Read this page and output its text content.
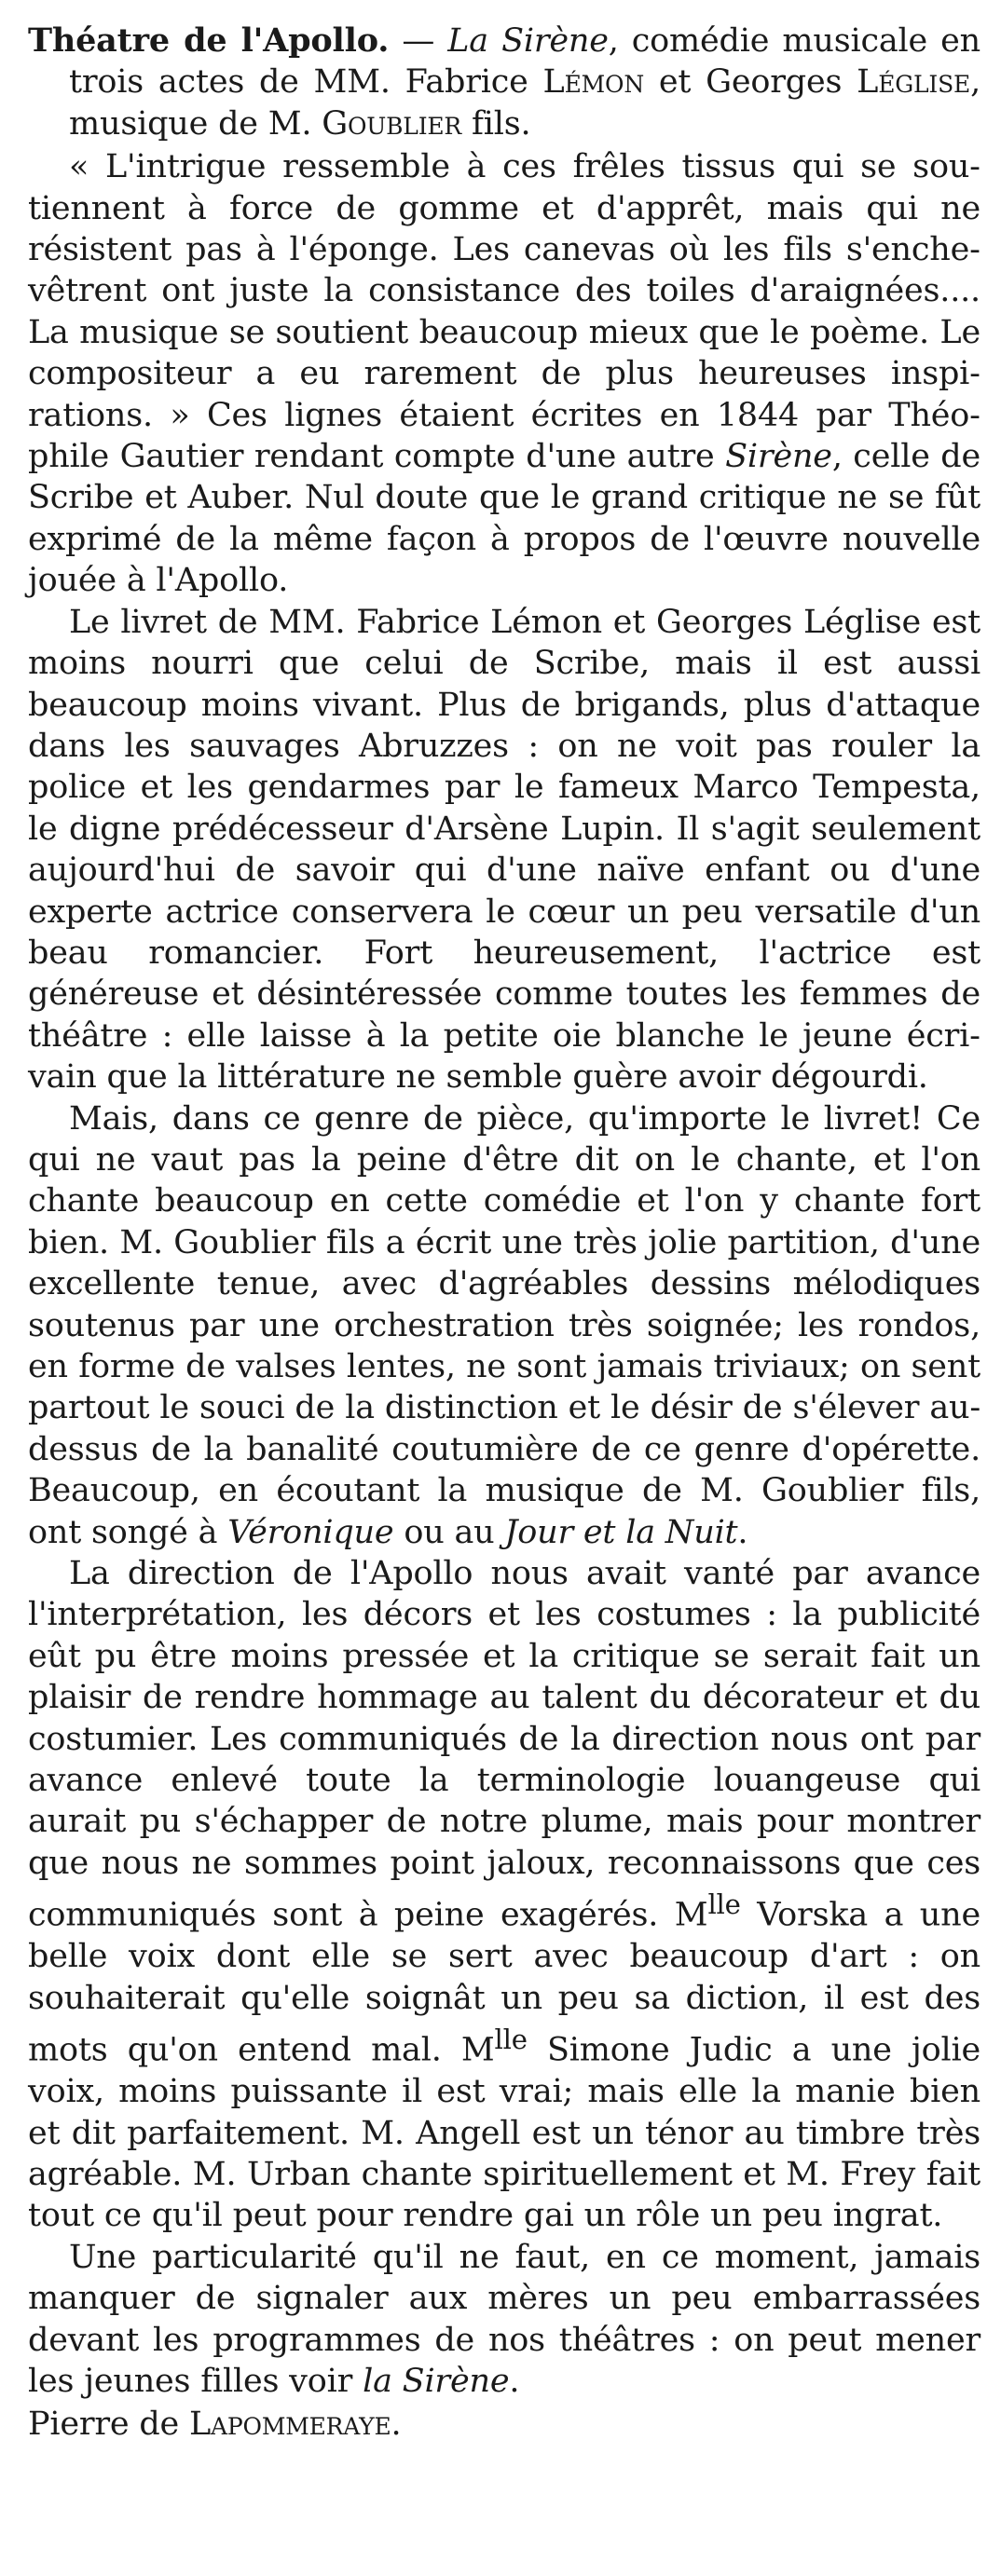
Théatre de l'Apollo. — La Sirène, comédie musicale en trois actes de MM. Fabrice Lémon et Georges Léglise, musique de M. Goublier fils.

« L'intrigue ressemble à ces frêles tissus qui se soutiennent à force de gomme et d'apprêt, mais qui ne résistent pas à l'éponge. Les canevas où les fils s'enchevêtrent ont juste la consistance des toiles d'araignées.... La musique se soutient beaucoup mieux que le poème. Le compositeur a eu rarement de plus heureuses inspirations. » Ces lignes étaient écrites en 1844 par Théophile Gautier rendant compte d'une autre Sirène, celle de Scribe et Auber. Nul doute que le grand critique ne se fût exprimé de la même façon à propos de l'œuvre nouvelle jouée à l'Apollo.

Le livret de MM. Fabrice Lémon et Georges Léglise est moins nourri que celui de Scribe, mais il est aussi beaucoup moins vivant. Plus de brigands, plus d'attaque dans les sauvages Abruzzes : on ne voit pas rouler la police et les gendarmes par le fameux Marco Tempesta, le digne prédécesseur d'Arsène Lupin. Il s'agit seulement aujourd'hui de savoir qui d'une naïve enfant ou d'une experte actrice conservera le cœur un peu versatile d'un beau romancier. Fort heureusement, l'actrice est généreuse et désintéressée comme toutes les femmes de théâtre : elle laisse à la petite oie blanche le jeune écrivain que la littérature ne semble guère avoir dégourdi.

Mais, dans ce genre de pièce, qu'importe le livret! Ce qui ne vaut pas la peine d'être dit on le chante, et l'on chante beaucoup en cette comédie et l'on y chante fort bien. M. Goublier fils a écrit une très jolie partition, d'une excellente tenue, avec d'agréables dessins mélodiques soutenus par une orchestration très soignée; les rondos, en forme de valses lentes, ne sont jamais triviaux; on sent partout le souci de la distinction et le désir de s'élever au-dessus de la banalité coutumière de ce genre d'opérette. Beaucoup, en écoutant la musique de M. Goublier fils, ont songé à Véronique ou au Jour et la Nuit.

La direction de l'Apollo nous avait vanté par avance l'interprétation, les décors et les costumes : la publicité eût pu être moins pressée et la critique se serait fait un plaisir de rendre hommage au talent du décorateur et du costumier. Les communiqués de la direction nous ont par avance enlevé toute la terminologie louangeuse qui aurait pu s'échapper de notre plume, mais pour montrer que nous ne sommes point jaloux, reconnaissons que ces communiqués sont à peine exagérés. $M^{lle}$ Vorska a une belle voix dont elle se sert avec beaucoup d'art : on souhaiterait qu'elle soignât un peu sa diction, il est des mots qu'on entend mal. $M^{lle}$ Simone Judic a une jolie voix, moins puissante il est vrai; mais elle la manie bien et dit parfaitement. M. Angell est un ténor au timbre très agréable. M. Urban chante spirituellement et M. Frey fait tout ce qu'il peut pour rendre gai un rôle un peu ingrat.

Une particularité qu'il ne faut, en ce moment, jamais manquer de signaler aux mères un peu embarrassées devant les programmes de nos théâtres : on peut mener les jeunes filles voir la Sirène.

Pierre de Lapommeraye.
